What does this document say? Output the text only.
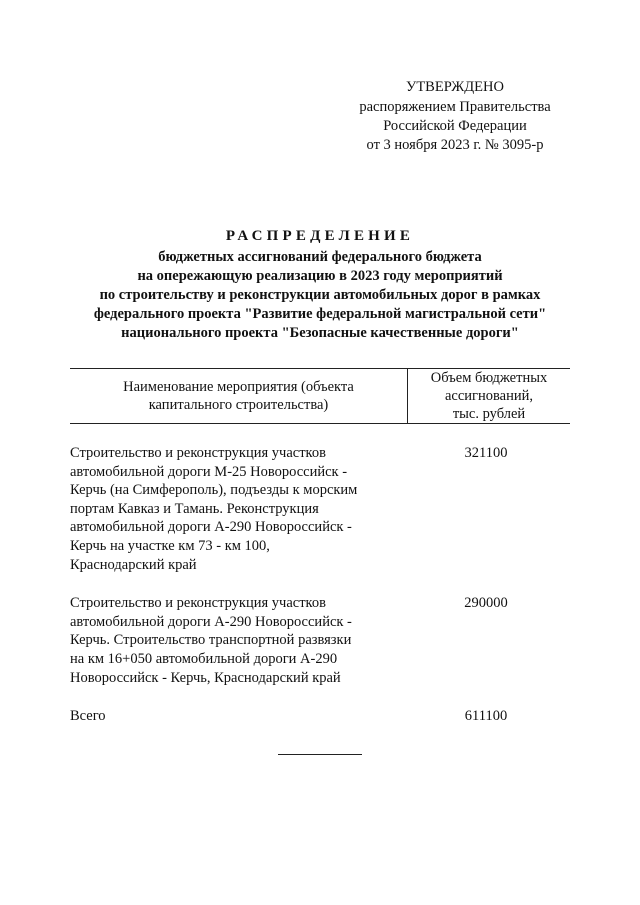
УТВЕРЖДЕНО
распоряжением Правительства
Российской Федерации
от 3 ноября 2023 г. № 3095-р
РАСПРЕДЕЛЕНИЕ
бюджетных ассигнований федерального бюджета
на опережающую реализацию в 2023 году мероприятий
по строительству и реконструкции автомобильных дорог в рамках
федерального проекта "Развитие федеральной магистральной сети"
национального проекта "Безопасные качественные дороги"
Наименование мероприятия (объекта
капитального строительства)
Объем бюджетных
ассигнований,
тыс. рублей
Строительство и реконструкция участков
автомобильной дороги М-25 Новороссийск -
Керчь (на Симферополь), подъезды к морским
портам Кавказ и Тамань. Реконструкция
автомобильной дороги А-290 Новороссийск -
Керчь на участке км 73 - км 100,
Краснодарский край
321100
Строительство и реконструкция участков
автомобильной дороги А-290 Новороссийск -
Керчь. Строительство транспортной развязки
на км 16+050 автомобильной дороги А-290
Новороссийск - Керчь, Краснодарский край
290000
Всего	611100
